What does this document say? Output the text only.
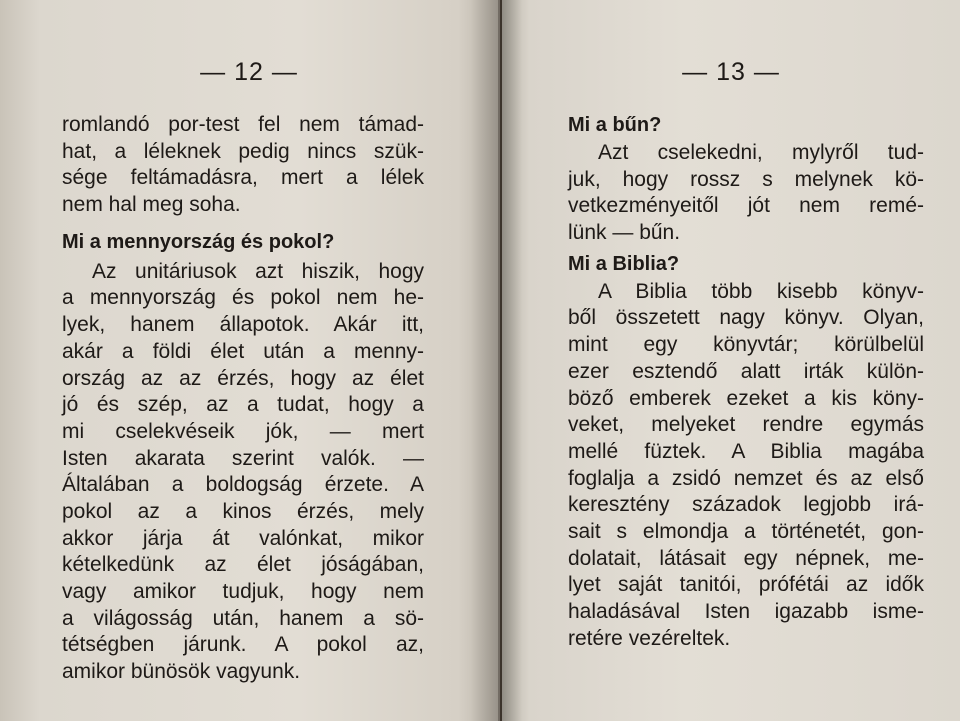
— 12 —
romlandó por-test fel nem támad-
hat, a léleknek pedig nincs szük-
sége feltámadásra, mert a lélek
nem hal meg soha.
Mi a mennyország és pokol?
Az unitáriusok azt hiszik, hogy
a mennyország és pokol nem he-
lyek, hanem állapotok. Akár itt,
akár a földi élet után a menny-
ország az az érzés, hogy az élet
jó és szép, az a tudat, hogy a
mi cselekvéseik jók, — mert
Isten akarata szerint valók. —
Általában a boldogság érzete. A
pokol az a kinos érzés, mely
akkor járja át valónkat, mikor
kételkedünk az élet jóságában,
vagy amikor tudjuk, hogy nem
a világosság után, hanem a sö-
tétségben járunk. A pokol az,
amikor bünösök vagyunk.
— 13 —
Mi a bűn?
Azt cselekedni, mylyről tud-
juk, hogy rossz s melynek kö-
vetkezményeitől jót nem remé-
lünk — bűn.
Mi a Biblia?
A Biblia több kisebb könyv-
ből összetett nagy könyv. Olyan,
mint egy könyvtár; körülbelül
ezer esztendő alatt irták külön-
böző emberek ezeket a kis köny-
veket, melyeket rendre egymás
mellé füztek. A Biblia magába
foglalja a zsidó nemzet és az első
keresztény századok legjobb irá-
sait s elmondja a történetét, gon-
dolatait, látásait egy népnek, me-
lyet saját tanitói, prófétái az idők
haladásával Isten igazabb isme-
retére vezéreltek.
